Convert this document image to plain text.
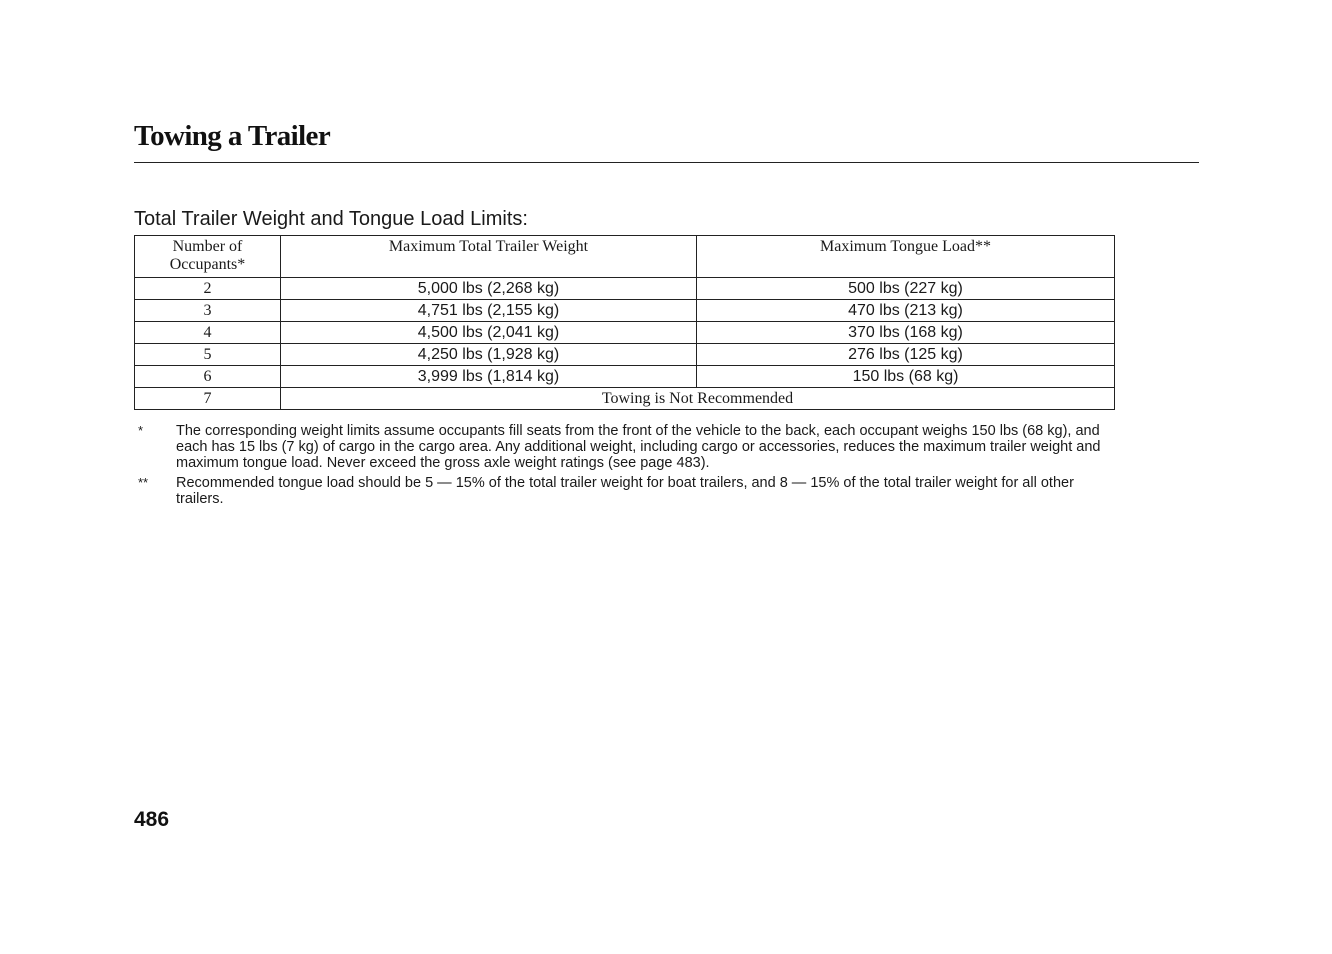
Towing a Trailer
Total Trailer Weight and Tongue Load Limits:
Number of
Occupants*	Maximum Total Trailer Weight	Maximum Tongue Load**
2	5,000 lbs (2,268 kg)	500 lbs (227 kg)
3	4,751 lbs (2,155 kg)	470 lbs (213 kg)
4	4,500 lbs (2,041 kg)	370 lbs (168 kg)
5	4,250 lbs (1,928 kg)	276 lbs (125 kg)
6	3,999 lbs (1,814 kg)	150 lbs (68 kg)
7	Towing is Not Recommended	
*	The corresponding weight limits assume occupants fill seats from the front of the vehicle to the back, each occupant weighs 150 lbs (68 kg), and each has 15 lbs (7 kg) of cargo in the cargo area. Any additional weight, including cargo or accessories, reduces the maximum trailer weight and maximum tongue load. Never exceed the gross axle weight ratings (see page 483).
**	Recommended tongue load should be 5 — 15% of the total trailer weight for boat trailers, and 8 — 15% of the total trailer weight for all other trailers.
486
